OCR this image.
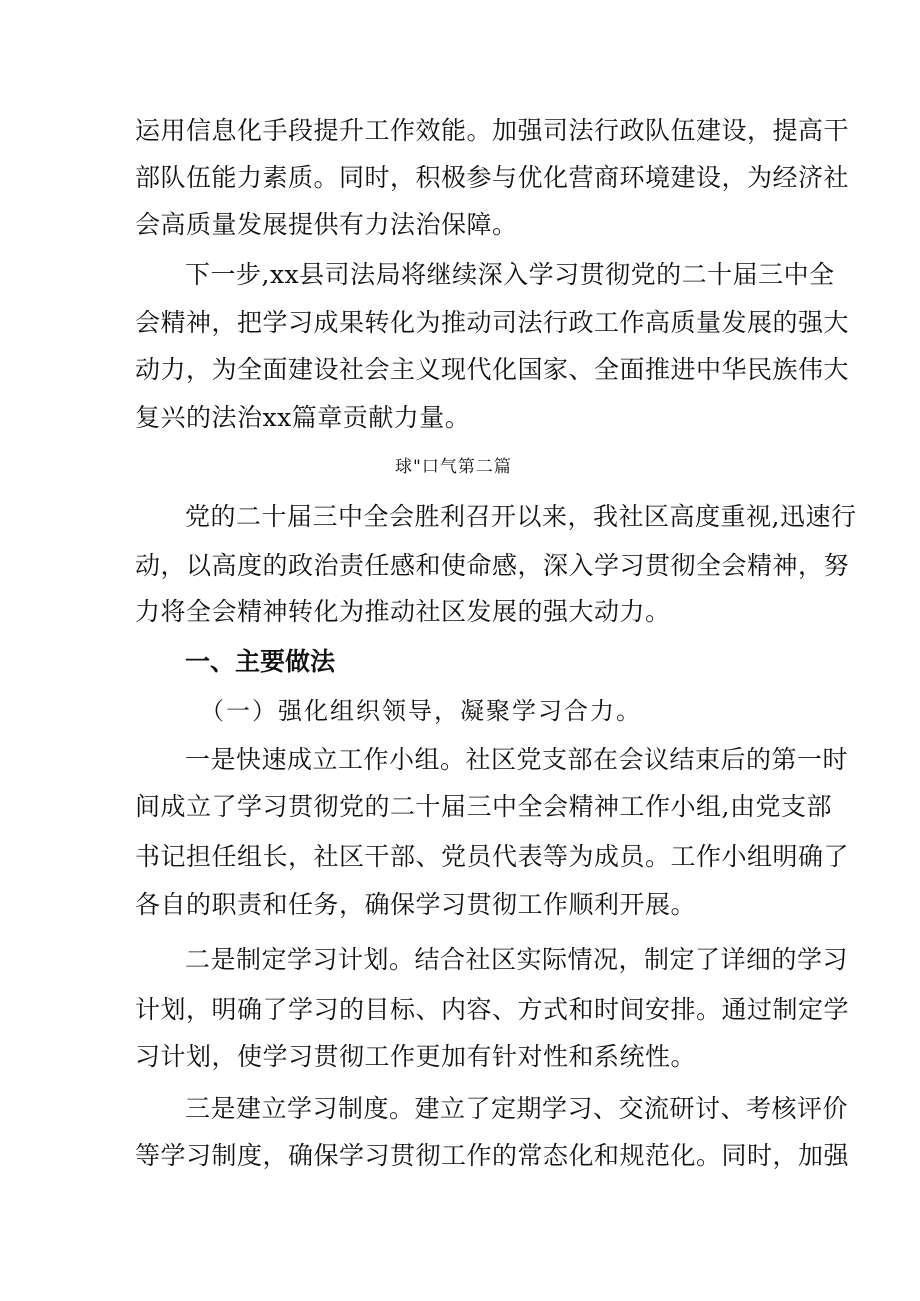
运用信息化手段提升工作效能。加强司法行政队伍建设，提高干
部队伍能力素质。同时，积极参与优化营商环境建设，为经济社
会高质量发展提供有力法治保障。
下一步,xx县司法局将继续深入学习贯彻党的二十届三中全
会精神，把学习成果转化为推动司法行政工作高质量发展的强大
动力，为全面建设社会主义现代化国家、全面推进中华民族伟大
复兴的法治xx篇章贡献力量。
球"口气第二篇
党的二十届三中全会胜利召开以来，我社区高度重视,迅速行
动，以高度的政治责任感和使命感，深入学习贯彻全会精神，努
力将全会精神转化为推动社区发展的强大动力。
一、主要做法
（一）强化组织领导，凝聚学习合力。
一是快速成立工作小组。社区党支部在会议结束后的第一时
间成立了学习贯彻党的二十届三中全会精神工作小组,由党支部
书记担任组长，社区干部、党员代表等为成员。工作小组明确了
各自的职责和任务，确保学习贯彻工作顺利开展。
二是制定学习计划。结合社区实际情况，制定了详细的学习
计划，明确了学习的目标、内容、方式和时间安排。通过制定学
习计划，使学习贯彻工作更加有针对性和系统性。
三是建立学习制度。建立了定期学习、交流研讨、考核评价
等学习制度，确保学习贯彻工作的常态化和规范化。同时，加强
